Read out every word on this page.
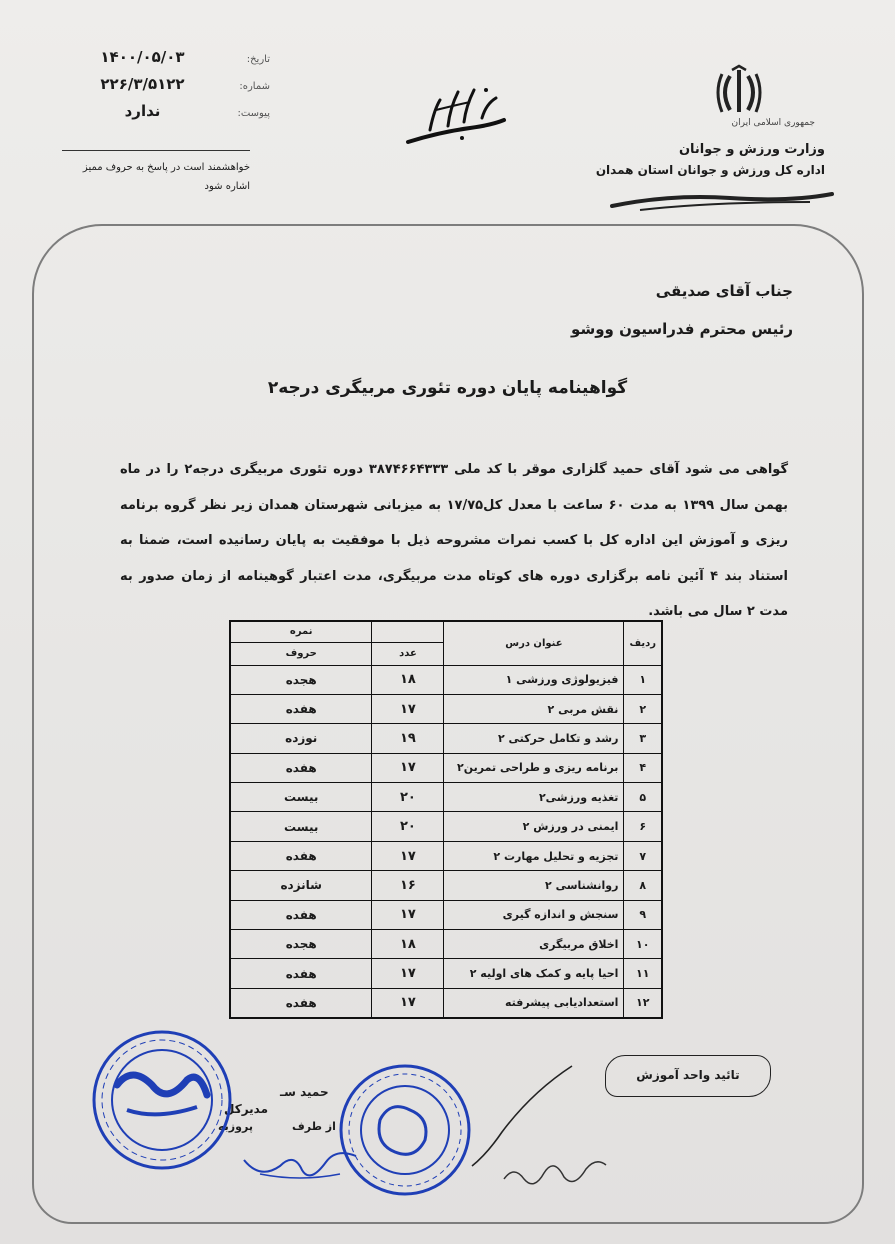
تاریخ:
۱۴۰۰/۰۵/۰۳
شماره:
۲۲۶/۳/۵۱۲۲
پیوست:
ندارد
خواهشمند است در پاسخ به حروف ممیز اشاره شود
جمهوری اسلامی ایران
وزارت ورزش و جوانان
اداره کل ورزش و جوانان استان همدان
جناب آقای صدیقی
رئیس محترم فدراسیون ووشو
گواهینامه پایان دوره تئوری مربیگری درجه۲
گواهی می شود آقای حمید گلزاری موقر با کد ملی ۳۸۷۴۶۶۴۳۳۳ دوره تئوری مربیگری درجه۲ را در ماه بهمن سال ۱۳۹۹ به مدت ۶۰ ساعت با معدل کل۱۷/۷۵ به میزبانی شهرستان همدان زیر نظر گروه برنامه ریزی و آموزش این اداره کل با کسب نمرات مشروحه ذیل با موفقیت به پایان رسانیده است، ضمنا به استناد بند ۴ آئین نامه برگزاری دوره های کوتاه مدت مربیگری، مدت اعتبار گوهینامه از زمان صدور به مدت ۲ سال می باشد.
ردیف	عنوان درس		نمره
		عدد	حروف
۱	فیزیولوژی ورزشی ۱	۱۸	هجده
۲	نقش مربی ۲	۱۷	هفده
۳	رشد و تکامل حرکتی ۲	۱۹	نوزده
۴	برنامه ریزی و طراحی تمرین۲	۱۷	هفده
۵	تغذیه ورزشی۲	۲۰	بیست
۶	ایمنی در ورزش ۲	۲۰	بیست
۷	تجزیه و تحلیل مهارت ۲	۱۷	هفده
۸	روانشناسی ۲	۱۶	شانزده
۹	سنجش و اندازه گیری	۱۷	هفده
۱۰	اخلاق مربیگری	۱۸	هجده
۱۱	احیا پایه و کمک های اولیه ۲	۱۷	هفده
۱۲	استعدادیابی پیشرفته	۱۷	هفده
تائید واحد آموزش
حمید سـ
مدیرکل
از طرف
پروزبه
